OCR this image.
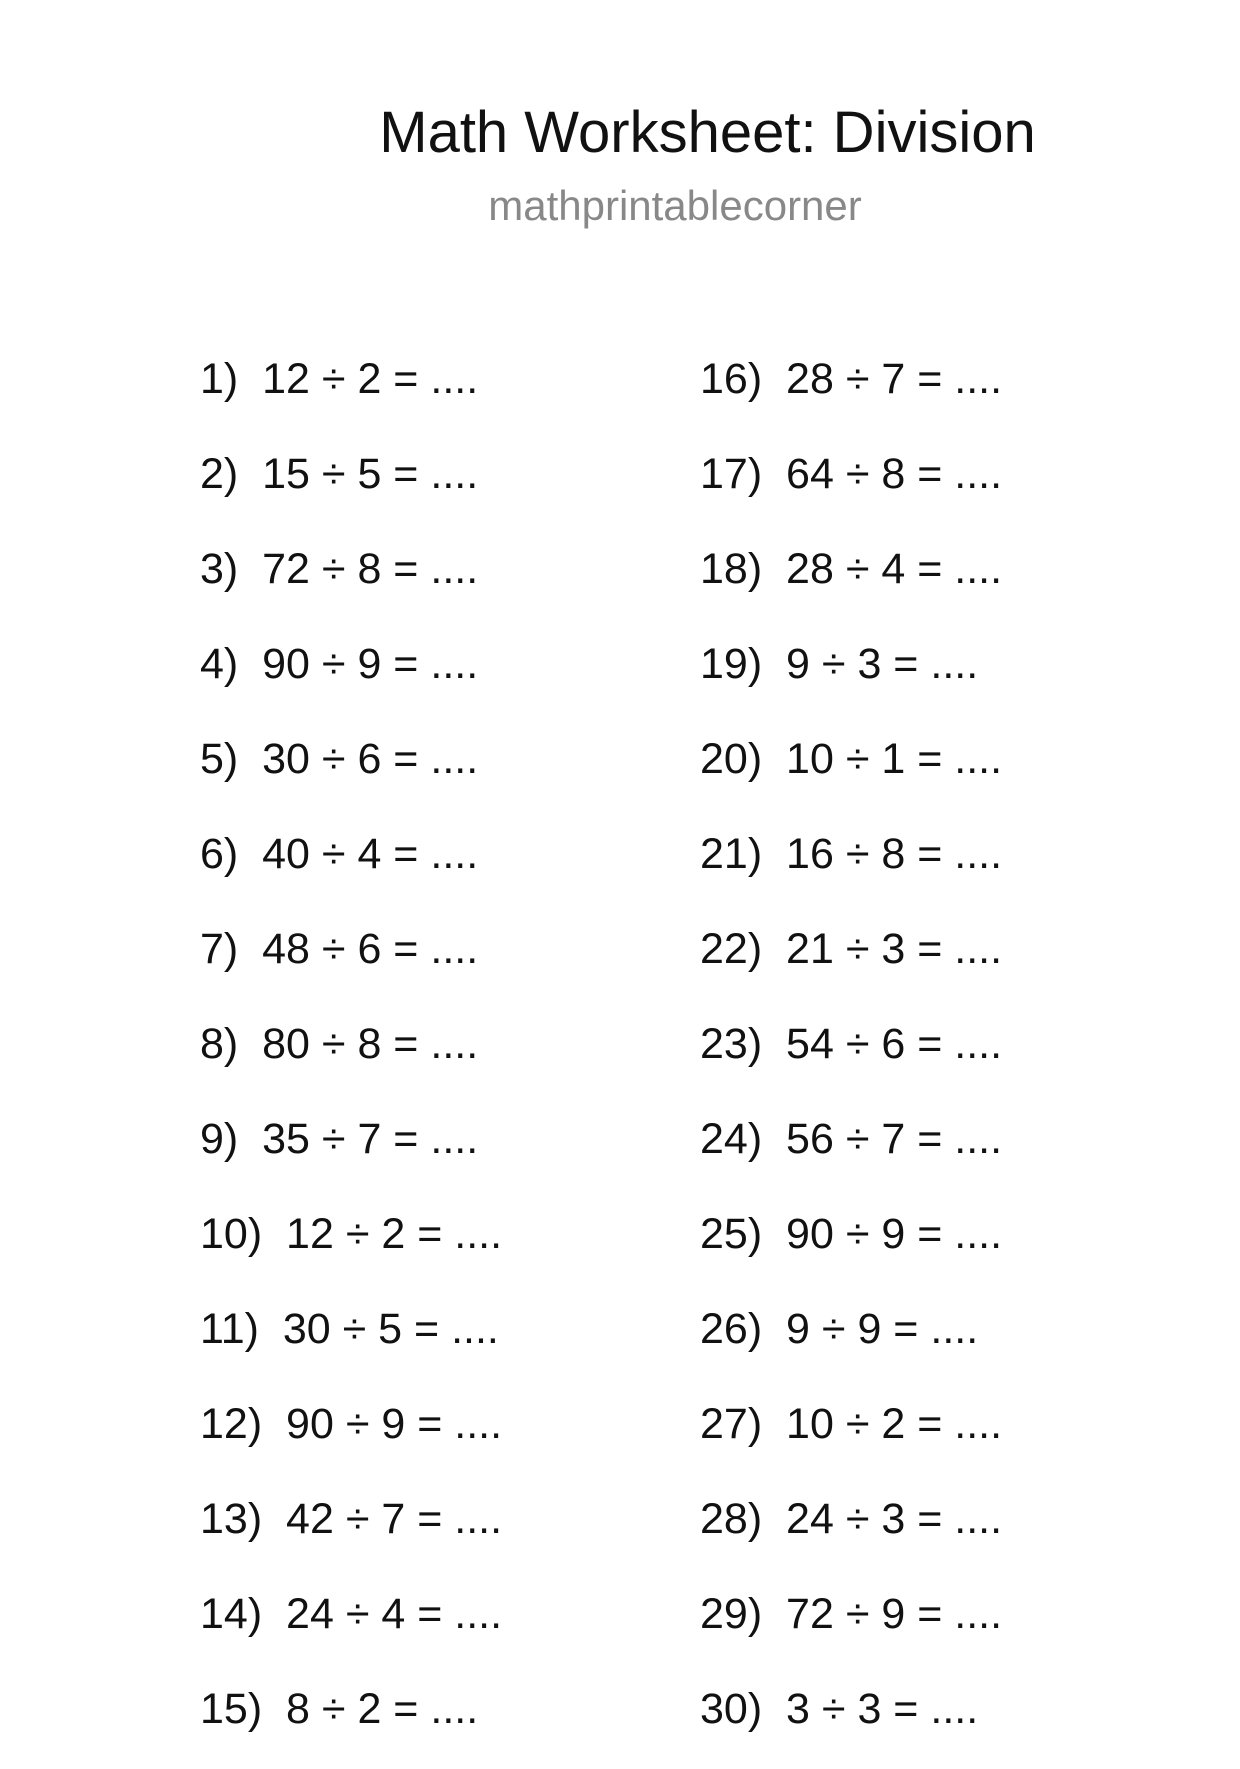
Math Worksheet: Division
mathprintablecorner
1)  12 ÷ 2 = ....
2)  15 ÷ 5 = ....
3)  72 ÷ 8 = ....
4)  90 ÷ 9 = ....
5)  30 ÷ 6 = ....
6)  40 ÷ 4 = ....
7)  48 ÷ 6 = ....
8)  80 ÷ 8 = ....
9)  35 ÷ 7 = ....
10)  12 ÷ 2 = ....
11)  30 ÷ 5 = ....
12)  90 ÷ 9 = ....
13)  42 ÷ 7 = ....
14)  24 ÷ 4 = ....
15)  8 ÷ 2 = ....
16)  28 ÷ 7 = ....
17)  64 ÷ 8 = ....
18)  28 ÷ 4 = ....
19)  9 ÷ 3 = ....
20)  10 ÷ 1 = ....
21)  16 ÷ 8 = ....
22)  21 ÷ 3 = ....
23)  54 ÷ 6 = ....
24)  56 ÷ 7 = ....
25)  90 ÷ 9 = ....
26)  9 ÷ 9 = ....
27)  10 ÷ 2 = ....
28)  24 ÷ 3 = ....
29)  72 ÷ 9 = ....
30)  3 ÷ 3 = ....
